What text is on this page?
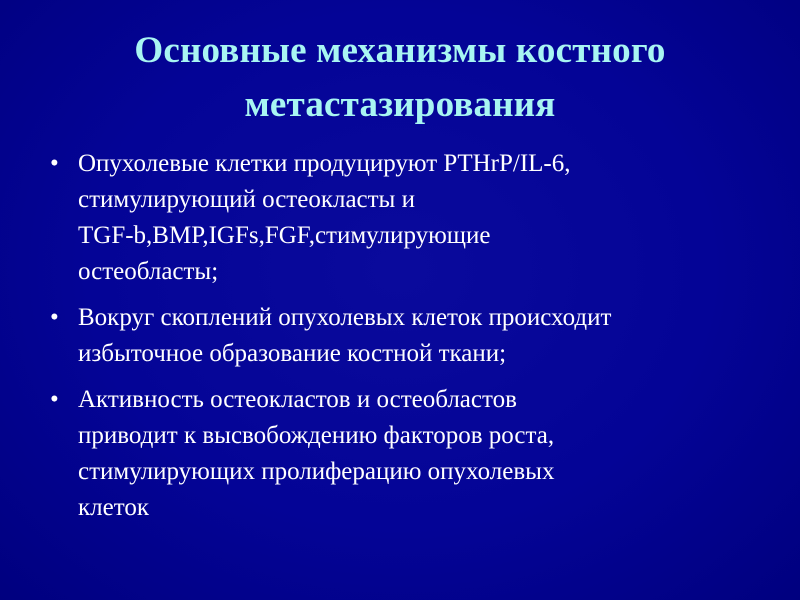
Основные механизмы костного
метастазирования
• Опухолевые клетки продуцируют PTHrP/IL-6,
стимулирующий остеокласты и
TGF-b,BMP,IGFs,FGF,стимулирующие
остеобласты;
• Вокруг скоплений опухолевых клеток происходит
избыточное образование костной ткани;
• Активность остеокластов и остеобластов
приводит к высвобождению факторов роста,
стимулирующих пролиферацию опухолевых
клеток
